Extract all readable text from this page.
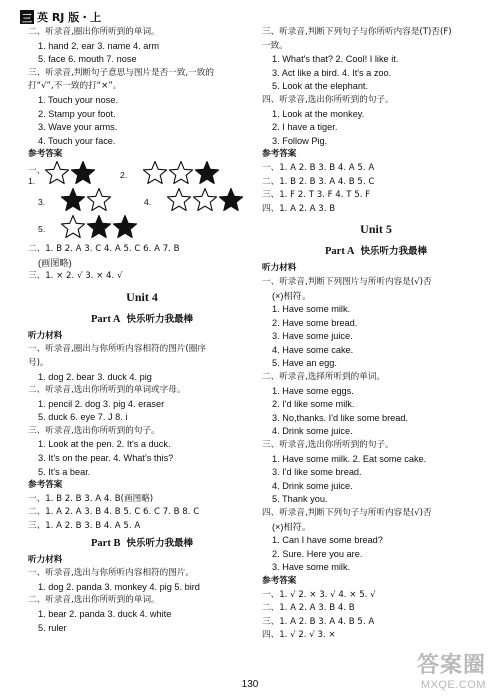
三 英 RJ 版・上
二、听录音,圈出你所听到的单词。
1. hand 2. ear 3. name 4. arm
5. face 6. mouth 7. nose
三、听录音,判断句子意思与图片是否一致,一致的
打“√”,不一致的打“×”。
1. Touch your nose.
2. Stamp your foot.
3. Wave your arms.
4. Touch your face.
参考答案
一、1.
2.
3.	4.
5.
二、1. B 2. A 3. C 4. A 5. C 6. A 7. B
(画图略)
三、1. × 2. √ 3. × 4. √
Unit 4
Part A 快乐听力我最棒
听力材料
一、听录音,圈出与你所听内容相符的图片(圈序
号)。
1. dog 2. bear 3. duck 4. pig
二、听录音,选出你所听到的单词或字母。
1. pencil 2. dog 3. pig 4. eraser
5. duck 6. eye 7. J 8. i
三、听录音,选出你所听到的句子。
1. Look at the pen. 2. It's a duck.
3. It's on the pear. 4. What's this?
5. It's a bear.
参考答案
一、1. B 2. B 3. A 4. B(画图略)
二、1. A 2. A 3. B 4. B 5. C 6. C 7. B 8. C
三、1. A 2. B 3. B 4. A 5. A
Part B 快乐听力我最棒
听力材料
一、听录音,选出与你所听内容相符的图片。
1. dog 2. panda 3. monkey 4. pig 5. bird
二、听录音,选出你所听到的单词。
1. bear 2. panda 3. duck 4. white
5. ruler
三、听录音,判断下列句子与你所听内容是(T)否(F)
一致。
1. What's that? 2. Cool! I like it.
3. Act like a bird. 4. It's a zoo.
5. Look at the elephant.
四、听录音,选出你所听到的句子。
1. Look at the monkey.
2. I have a tiger.
3. Follow Pig.
参考答案
一、1. A 2. B 3. B 4. A 5. A
二、1. B 2. B 3. A 4. B 5. C
三、1. F 2. T 3. F 4. T 5. F
四、1. A 2. A 3. B
Unit 5
Part A 快乐听力我最棒
听力材料
一、听录音,判断下列图片与所听内容是(√)否
(×)相符。
1. Have some milk.
2. Have some bread.
3. Have some juice.
4. Have some cake.
5. Have an egg.
二、听录音,选择所听到的单词。
1. Have some eggs.
2. I'd like some milk.
3. No,thanks. I'd like some bread.
4. Drink some juice.
三、听录音,选出你所听到的句子。
1. Have some milk. 2. Eat some cake.
3. I'd like some bread.
4. Drink some juice.
5. Thank you.
四、听录音,判断下列句子与所听内容是(√)否
(×)相符。
1. Can I have some bread?
2. Sure. Here you are.
3. Have some milk.
参考答案
一、1. √ 2. × 3. √ 4. × 5. √
二、1. A 2. A 3. B 4. B
三、1. A 2. B 3. A 4. B 5. A
四、1. √ 2. √ 3. ×
130
答案圈
MXQE.COM
